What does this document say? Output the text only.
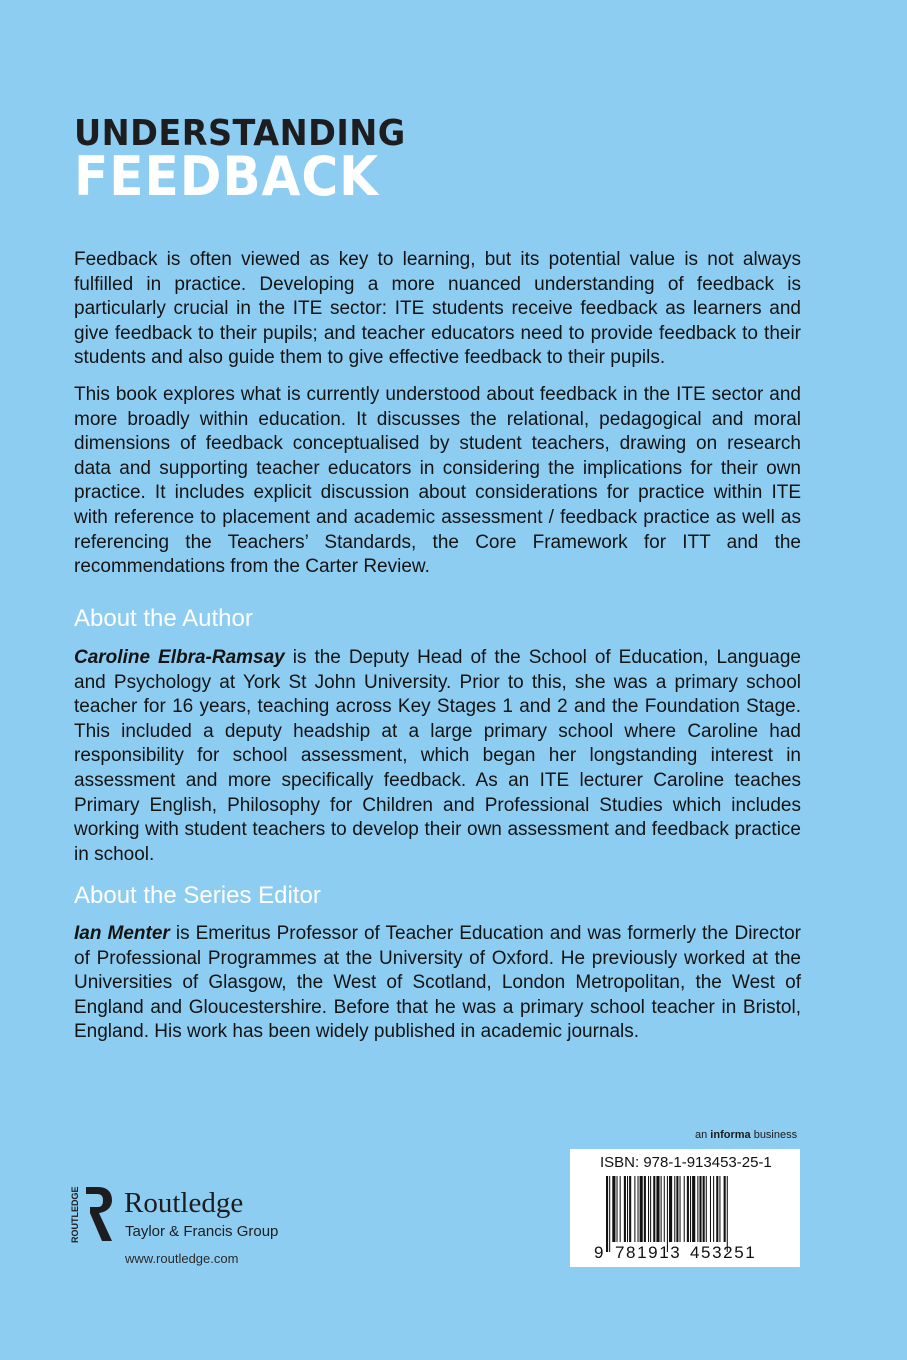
UNDERSTANDING
FEEDBACK

Feedback is often viewed as key to learning, but its potential value is not always fulfilled in practice. Developing a more nuanced understanding of feedback is particularly crucial in the ITE sector: ITE students receive feedback as learners and give feedback to their pupils; and teacher educators need to provide feedback to their students and also guide them to give effective feedback to their pupils.

This book explores what is currently understood about feedback in the ITE sector and more broadly within education. It discusses the relational, pedagogical and moral dimensions of feedback conceptualised by student teachers, drawing on research data and supporting teacher educators in considering the implications for their own practice. It includes explicit discussion about considerations for practice within ITE with reference to placement and academic assessment / feedback practice as well as referencing the Teachers’ Standards, the Core Framework for ITT and the recommendations from the Carter Review.

About the Author

Caroline Elbra-Ramsay is the Deputy Head of the School of Education, Language and Psychology at York St John University. Prior to this, she was a primary school teacher for 16 years, teaching across Key Stages 1 and 2 and the Foundation Stage. This included a deputy headship at a large primary school where Caroline had responsibility for school assessment, which began her longstanding interest in assessment and more specifically feedback. As an ITE lecturer Caroline teaches Primary English, Philosophy for Children and Professional Studies which includes working with student teachers to develop their own assessment and feedback practice in school.

About the Series Editor

Ian Menter is Emeritus Professor of Teacher Education and was formerly the Director of Professional Programmes at the University of Oxford. He previously worked at the Universities of Glasgow, the West of Scotland, London Metropolitan, the West of England and Gloucestershire. Before that he was a primary school teacher in Bristol, England. His work has been widely published in academic journals.

an informa business
ISBN: 978-1-913453-25-1
9 781913 453251
ROUTLEDGE Routledge
Taylor & Francis Group
www.routledge.com
